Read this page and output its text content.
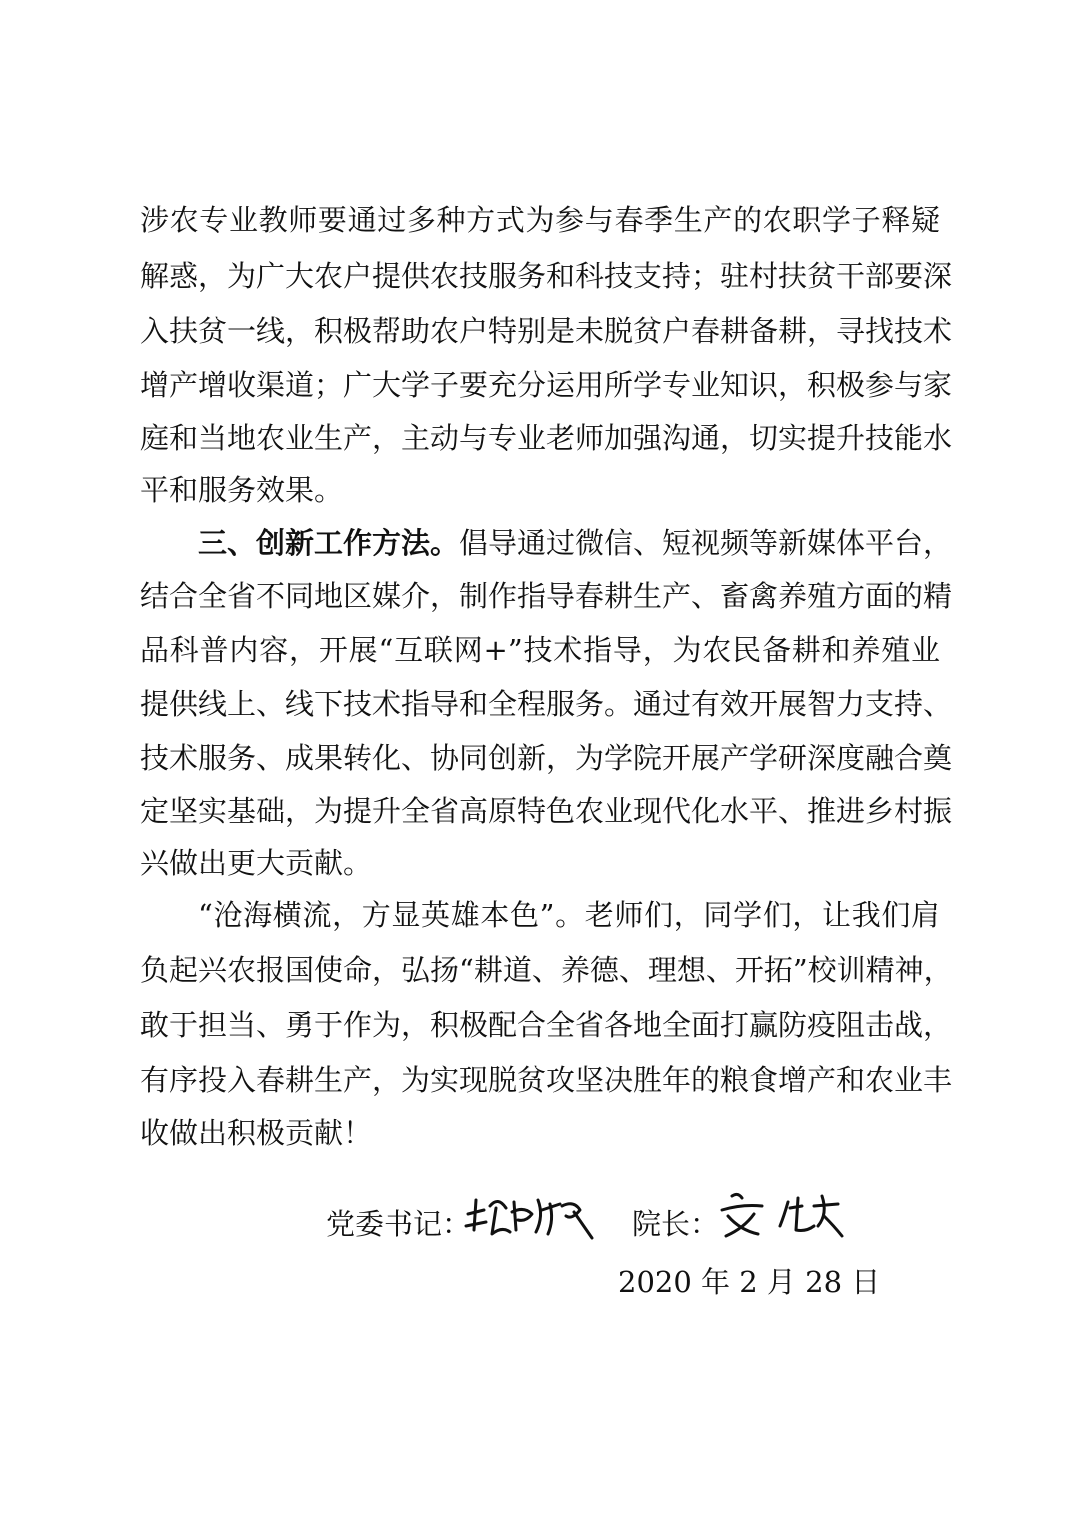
涉农专业教师要通过多种方式为参与春季生产的农职学子释疑
解惑，为广大农户提供农技服务和科技支持；驻村扶贫干部要深
入扶贫一线，积极帮助农户特别是未脱贫户春耕备耕，寻找技术
增产增收渠道；广大学子要充分运用所学专业知识，积极参与家
庭和当地农业生产，主动与专业老师加强沟通，切实提升技能水
平和服务效果。
三、创新工作方法。倡导通过微信、短视频等新媒体平台，
结合全省不同地区媒介，制作指导春耕生产、畜禽养殖方面的精
品科普内容，开展“互联网+”技术指导，为农民备耕和养殖业
提供线上、线下技术指导和全程服务。通过有效开展智力支持、
技术服务、成果转化、协同创新，为学院开展产学研深度融合奠
定坚实基础，为提升全省高原特色农业现代化水平、推进乡村振
兴做出更大贡献。
“沧海横流，方显英雄本色”。老师们，同学们，让我们肩
负起兴农报国使命，弘扬“耕道、养德、理想、开拓”校训精神，
敢于担当、勇于作为，积极配合全省各地全面打赢防疫阻击战，
有序投入春耕生产，为实现脱贫攻坚决胜年的粮食增产和农业丰
收做出积极贡献！
党委书记：	院长：
2020 年 2 月 28 日
